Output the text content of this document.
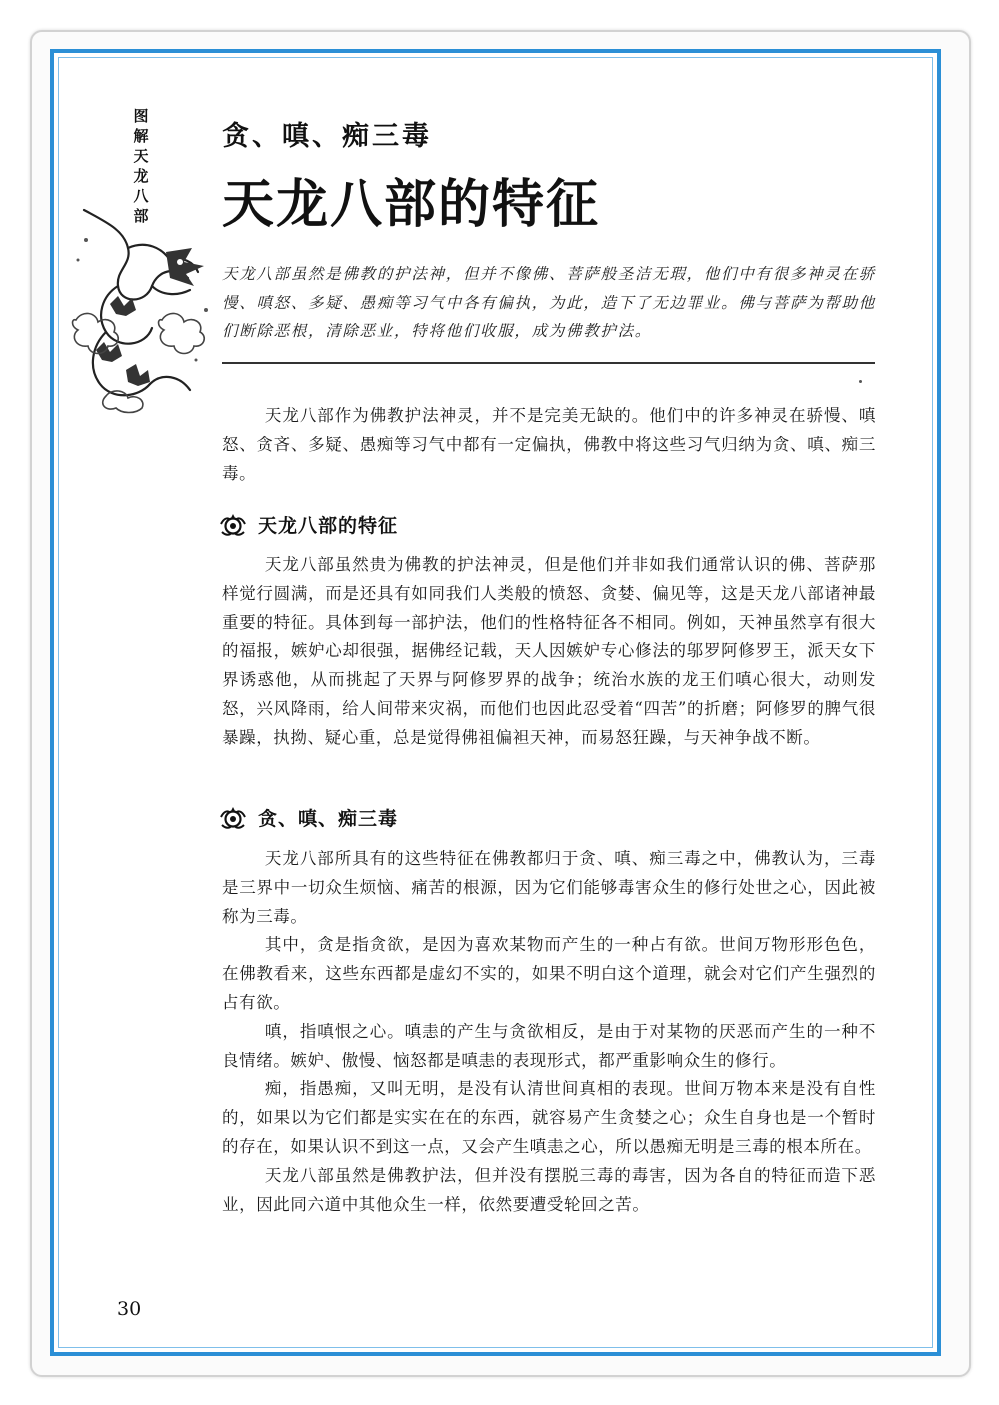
图
解
天
龙
八
部
贪、嗔、痴三毒
天龙八部的特征

天龙八部虽然是佛教的护法神，但并不像佛、菩萨般圣洁无瑕，他们中有很多神灵在骄慢、嗔怒、多疑、愚痴等习气中各有偏执，为此，造下了无边罪业。佛与菩萨为帮助他们断除恶根，清除恶业，特将他们收服，成为佛教护法。

天龙八部作为佛教护法神灵，并不是完美无缺的。他们中的许多神灵在骄慢、嗔怒、贪吝、多疑、愚痴等习气中都有一定偏执，佛教中将这些习气归纳为贪、嗔、痴三毒。

天龙八部的特征

天龙八部虽然贵为佛教的护法神灵，但是他们并非如我们通常认识的佛、菩萨那样觉行圆满，而是还具有如同我们人类般的愤怒、贪婪、偏见等，这是天龙八部诸神最重要的特征。具体到每一部护法，他们的性格特征各不相同。例如，天神虽然享有很大的福报，嫉妒心却很强，据佛经记载，天人因嫉妒专心修法的邬罗阿修罗王，派天女下界诱惑他，从而挑起了天界与阿修罗界的战争；统治水族的龙王们嗔心很大，动则发怒，兴风降雨，给人间带来灾祸，而他们也因此忍受着“四苦”的折磨；阿修罗的脾气很暴躁，执拗、疑心重，总是觉得佛祖偏袒天神，而易怒狂躁，与天神争战不断。

贪、嗔、痴三毒

天龙八部所具有的这些特征在佛教都归于贪、嗔、痴三毒之中，佛教认为，三毒是三界中一切众生烦恼、痛苦的根源，因为它们能够毒害众生的修行处世之心，因此被称为三毒。

其中，贪是指贪欲，是因为喜欢某物而产生的一种占有欲。世间万物形形色色，在佛教看来，这些东西都是虚幻不实的，如果不明白这个道理，就会对它们产生强烈的占有欲。

嗔，指嗔恨之心。嗔恚的产生与贪欲相反，是由于对某物的厌恶而产生的一种不良情绪。嫉妒、傲慢、恼怒都是嗔恚的表现形式，都严重影响众生的修行。

痴，指愚痴，又叫无明，是没有认清世间真相的表现。世间万物本来是没有自性的，如果以为它们都是实实在在的东西，就容易产生贪婪之心；众生自身也是一个暂时的存在，如果认识不到这一点，又会产生嗔恚之心，所以愚痴无明是三毒的根本所在。

天龙八部虽然是佛教护法，但并没有摆脱三毒的毒害，因为各自的特征而造下恶业，因此同六道中其他众生一样，依然要遭受轮回之苦。

30
